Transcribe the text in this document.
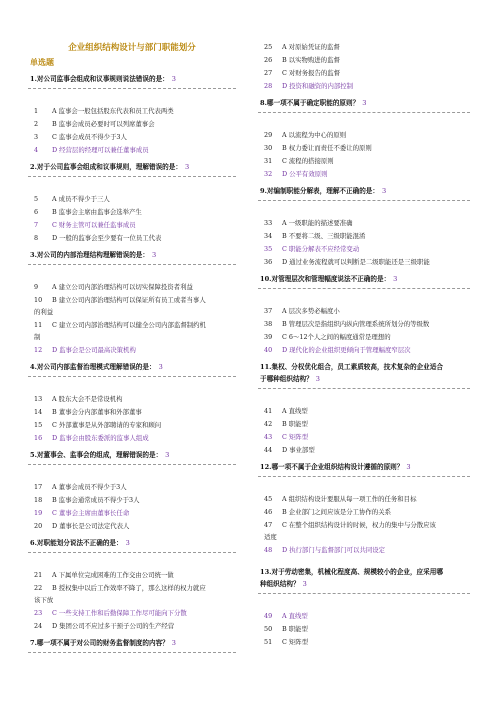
企业组织结构设计与部门职能划分
单选题
1.对公司监事会组成和议事规则说法错误的是： 3
1 A 监事会一般包括股东代表和员工代表两类
2 B 监事会成员必要时可以列席董事会
3 C 监事会成员不得少于3人
4 D 经营层的经理可以兼任董事成员
2.对于公司监事会组成和议事规则，理解错误的是： 3
5 A 成员不得少于三人
6 B 监事会主席由监事会选举产生
7 C 财务主管可以兼任监事成员
8 D 一般的监事会至少要有一位员工代表
3.对公司的内部治理结构理解错误的是： 3
9 A 建立公司内部治理结构可以切实保障投资者利益
10 B 建立公司内部治理结构可以保证所有员工或者当事人
的利益
11 C 建立公司内部治理结构可以健全公司内部监督制约机
制
12 D 监事会是公司最高决策机构
4.对公司内部监督治理模式理解错误的是： 3
13 A 股东大会不是常设机构
14 B 董事会分内部董事和外部董事
15 C 外部董事是从外部聘请的专家和顾问
16 D 监事会由股东委派的监事人组成
5.对董事会、监事会的组成，理解错误的是： 3
17 A 董事会成员不得少于3人
18 B 监事会通常成员不得少于3人
19 C 董事会主席由董事长任命
20 D 董事长是公司法定代表人
6.对职能划分说法不正确的是： 3
21 A 下属单位完成困难的工作交由公司统一做
22 B 授权集中以后工作效率不降了，那么这样的权力就应
该下放
23 C 一些支持工作和后勤保障工作尽可能向下分散
24 D 集团公司不应过多干预子公司的生产经营
7.哪一项不属于对公司的财务监督制度的内容？ 3
25 A 对原始凭证的监督
26 B 以实物购进的监督
27 C 对财务报告的监督
28 D 投资和融资的内部控制
8.哪一项不属于确定职能的原则？ 3
29 A 以流程为中心的原则
30 B 权力委让而责任不委让的原则
31 C 流程的搭接原则
32 D 公平有效原则
9.对编制职能分解表，理解不正确的是： 3
33 A 一级职能的描述要准确
34 B 不要将二级、三级职能混淆
35 C 职能分解表不应经常变动
36 D 通过业务流程就可以判断是二级职能还是三级职能
10.对管理层次和管理幅度说法不正确的是： 3
37 A 层次多势必幅度小
38 B 管理层次是指组织内纵向管理系统所划分的等级数
39 C 6～12个人之间的幅度通常是理想的
40 D 现代化的企业组织更倾向于管理幅度窄层次
11.集权、分权优化组合，员工素质较高，技术复杂的企业适合
于哪种组织结构？ 3
41 A 直线型
42 B 职能型
43 C 矩阵型
44 D 事业部型
12.哪一项不属于企业组织结构设计遵循的原则？ 3
45 A 组织结构设计要服从每一项工作的任务和目标
46 B 企业部门之间应该是分工协作的关系
47 C 在整个组织结构设计的时候，权力的集中与分散应该
适度
48 D 执行部门与监督部门可以共同设定
13.对于劳动密集，机械化程度高、规模较小的企业，应采用哪
种组织结构？ 3
49 A 直线型
50 B 职能型
51 C 矩阵型
